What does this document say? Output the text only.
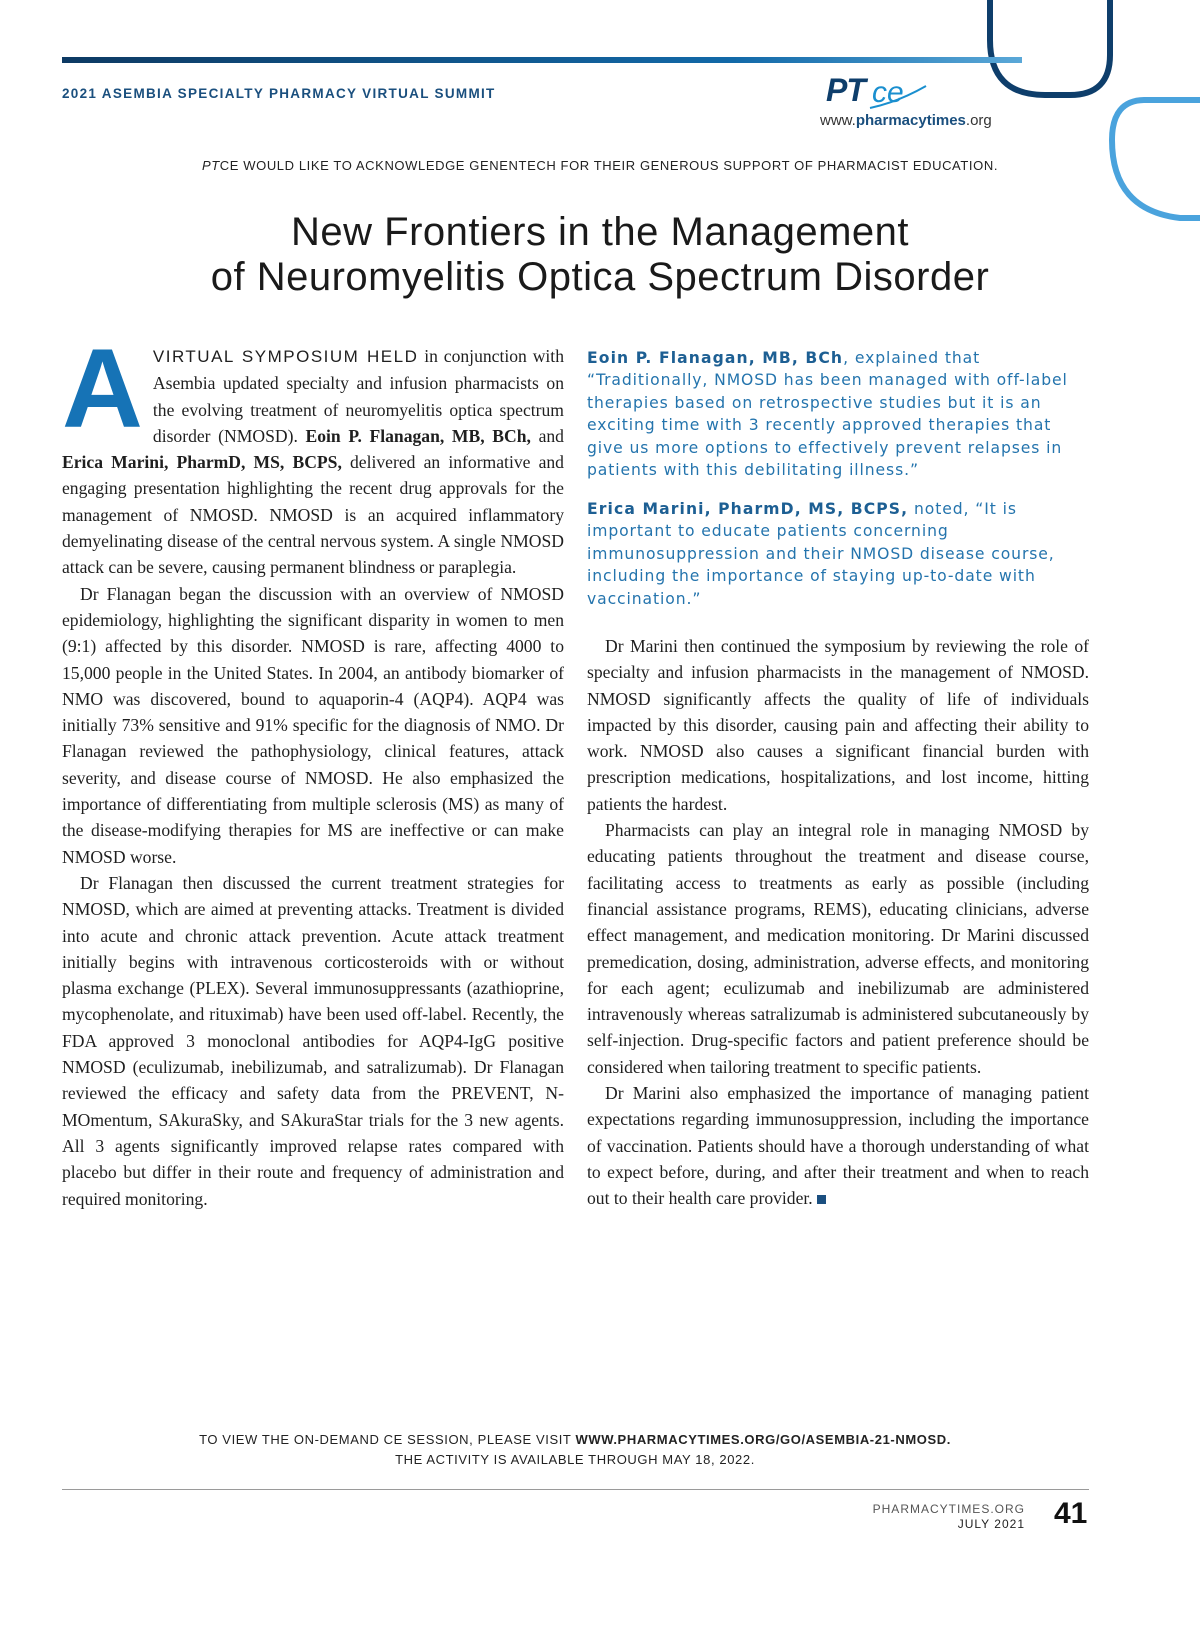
2021 ASEMBIA SPECIALTY PHARMACY VIRTUAL SUMMIT	PT ce
www.pharmacytimes.org
PTCE WOULD LIKE TO ACKNOWLEDGE GENENTECH FOR THEIR GENEROUS SUPPORT OF PHARMACIST EDUCATION.
New Frontiers in the Management
of Neuromyelitis Optica Spectrum Disorder

AVIRTUAL SYMPOSIUM HELD in conjunction with Asembia updated specialty and infusion pharmacists on the evolving treatment of neuromyelitis optica spectrum disorder (NMOSD). Eoin P. Flanagan, MB, BCh, and Erica Marini, PharmD, MS, BCPS, delivered an informative and engaging presentation highlighting the recent drug approvals for the management of NMOSD. NMOSD is an acquired inflammatory demyelinating disease of the central nervous system. A single NMOSD attack can be severe, causing permanent blindness or paraplegia.

Dr Flanagan began the discussion with an overview of NMOSD epidemiology, highlighting the significant disparity in women to men (9:1) affected by this disorder. NMOSD is rare, affecting 4000 to 15,000 people in the United States. In 2004, an antibody biomarker of NMO was discovered, bound to aquaporin-4 (AQP4). AQP4 was initially 73% sensitive and 91% specific for the diagnosis of NMO. Dr Flanagan reviewed the pathophysiology, clinical features, attack severity, and disease course of NMOSD. He also emphasized the importance of differentiating from multiple sclerosis (MS) as many of the disease-modifying therapies for MS are ineffective or can make NMOSD worse.

Dr Flanagan then discussed the current treatment strategies for NMOSD, which are aimed at preventing attacks. Treatment is divided into acute and chronic attack prevention. Acute attack treatment initially begins with intravenous corticosteroids with or without plasma exchange (PLEX). Several immunosuppressants (azathioprine, mycophenolate, and rituximab) have been used off-label. Recently, the FDA approved 3 monoclonal antibodies for AQP4-IgG positive NMOSD (eculizumab, inebilizumab, and satralizumab). Dr Flanagan reviewed the efficacy and safety data from the PREVENT, N-MOmentum, SAkuraSky, and SAkuraStar trials for the 3 new agents. All 3 agents significantly improved relapse rates compared with placebo but differ in their route and frequency of administration and required monitoring.

Eoin P. Flanagan, MB, BCh, explained that “Traditionally, NMOSD has been managed with off-label therapies based on retrospective studies but it is an exciting time with 3 recently approved therapies that give us more options to effectively prevent relapses in patients with this debilitating illness.”
Erica Marini, PharmD, MS, BCPS, noted, “It is important to educate patients concerning immunosuppression and their NMOSD disease course, including the importance of staying up-to-date with vaccination.”

Dr Marini then continued the symposium by reviewing the role of specialty and infusion pharmacists in the management of NMOSD. NMOSD significantly affects the quality of life of individuals impacted by this disorder, causing pain and affecting their ability to work. NMOSD also causes a significant financial burden with prescription medications, hospitalizations, and lost income, hitting patients the hardest.

Pharmacists can play an integral role in managing NMOSD by educating patients throughout the treatment and disease course, facilitating access to treatments as early as possible (including financial assistance programs, REMS), educating clinicians, adverse effect management, and medication monitoring. Dr Marini discussed premedication, dosing, administration, adverse effects, and monitoring for each agent; eculizumab and inebilizumab are administered intravenously whereas satralizumab is administered subcutaneously by self-injection. Drug-specific factors and patient preference should be considered when tailoring treatment to specific patients.

Dr Marini also emphasized the importance of managing patient expectations regarding immunosuppression, including the importance of vaccination. Patients should have a thorough understanding of what to expect before, during, and after their treatment and when to reach out to their health care provider.

TO VIEW THE ON-DEMAND CE SESSION, PLEASE VISIT WWW.PHARMACYTIMES.ORG/GO/ASEMBIA-21-NMOSD.
THE ACTIVITY IS AVAILABLE THROUGH MAY 18, 2022.
PHARMACYTIMES.ORG
JULY 2021 41
